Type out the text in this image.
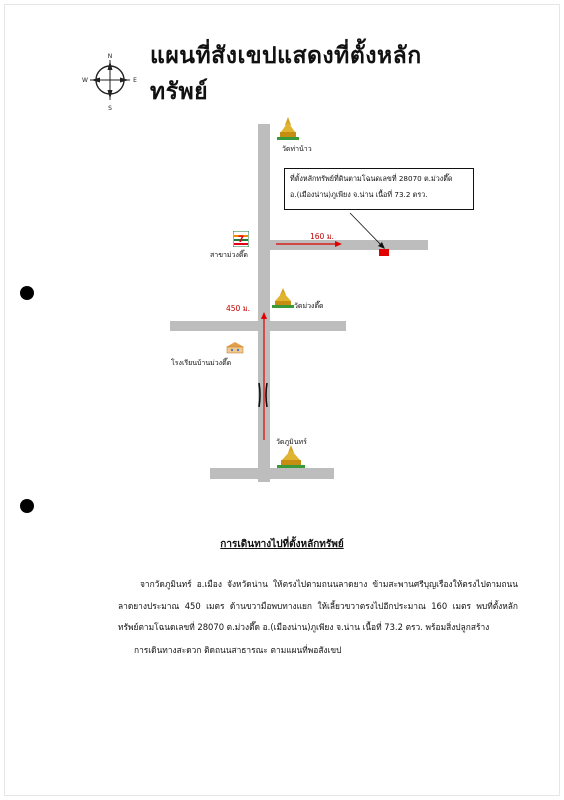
แผนที่สังเขปแสดงที่ตั้งหลักทรัพย์
N
E
S
W
ที่ตั้งหลักทรัพย์ที่ดินตามโฉนดเลขที่ 28070 ต.ม่วงตึ๊ด
อ.(เมืองน่าน)ภูเพียง จ.น่าน เนื้อที่ 73.2 ตรว.
160 ม.
450 ม.
วัดท่าน้าว
วัดม่วงตึ๊ด
วัดภูมินทร์
7
สาขาม่วงตึ๊ด
โรงเรียนบ้านม่วงตึ๊ด
การเดินทางไปที่ตั้งหลักทรัพย์
จากวัดภูมินทร์ อ.เมือง จังหวัดน่าน ให้ตรงไปตามถนนลาดยาง ข้ามสะพานศรีบุญเรืองให้ตรงไปตามถนนลาดยางประมาณ 450 เมตร ด้านขวามือพบทางแยก ให้เลี้ยวขวาตรงไปอีกประมาณ 160 เมตร พบที่ตั้งหลักทรัพย์ตามโฉนดเลขที่ 28070 ต.ม่วงตึ๊ด อ.(เมืองน่าน)ภูเพียง จ.น่าน เนื้อที่ 73.2 ตรว. พร้อมสิ่งปลูกสร้าง
การเดินทางสะดวก ติดถนนสาธารณะ ตามแผนที่พอสังเขป
